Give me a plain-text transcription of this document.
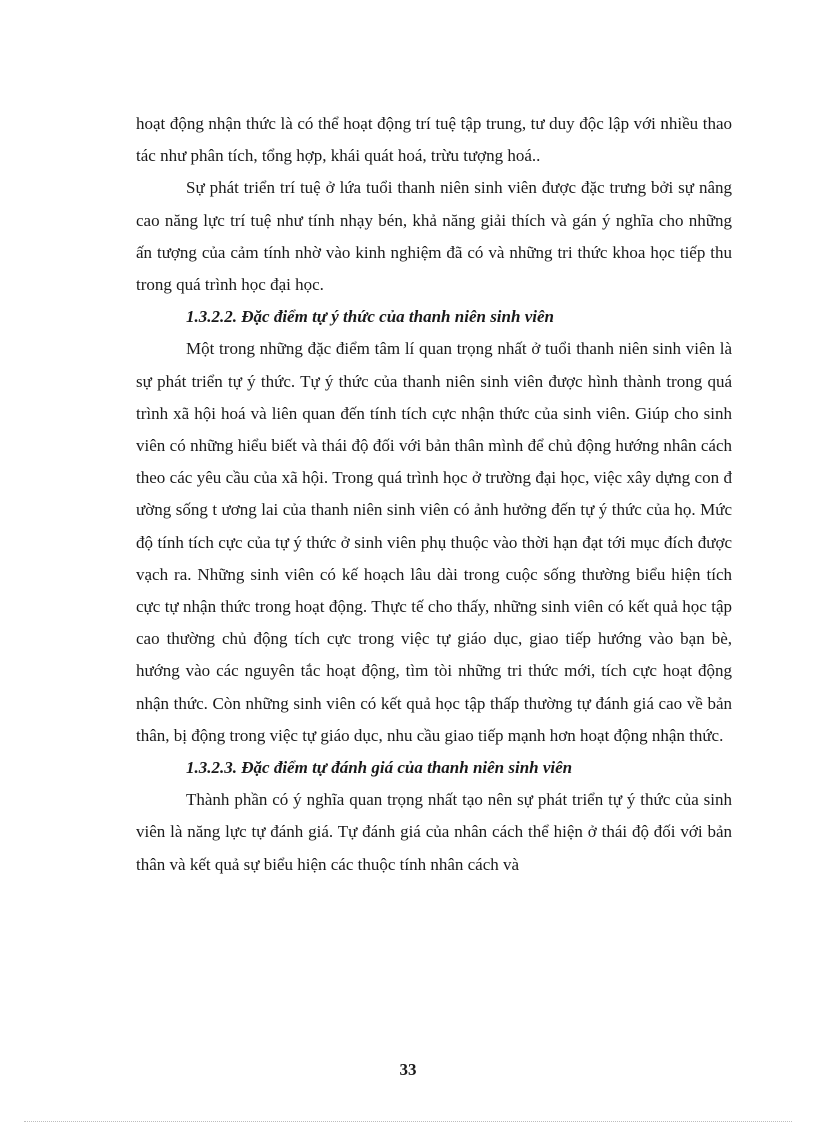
hoạt động nhận thức là có thể hoạt động trí tuệ tập trung, tư duy độc lập với nhiều thao tác như phân tích, tổng hợp, khái quát hoá, trừu tượng hoá..

Sự phát triển trí tuệ ở lứa tuổi thanh niên sinh viên được đặc trưng bởi sự nâng cao năng lực trí tuệ như tính nhạy bén, khả năng giải thích và gán ý nghĩa cho những ấn tượng của cảm tính nhờ vào kinh nghiệm đã có và những tri thức khoa học tiếp thu trong quá trình học đại học.

1.3.2.2. Đặc điểm tự ý thức của thanh niên sinh viên

Một trong những đặc điểm tâm lí quan trọng nhất ở tuổi thanh niên sinh viên là sự phát triển tự ý thức. Tự ý thức của thanh niên sinh viên được hình thành trong quá trình xã hội hoá và liên quan đến tính tích cực nhận thức của sinh viên. Giúp cho sinh viên có những hiểu biết và thái độ đối với bản thân mình để chủ động hướng nhân cách theo các yêu cầu của xã hội. Trong quá trình học ở trường đại học, việc xây dựng con đ ường sống t ương lai của thanh niên sinh viên có ảnh hưởng đến tự ý thức của họ. Mức độ tính tích cực của tự ý thức ở sinh viên phụ thuộc vào thời hạn đạt tới mục đích được vạch ra. Những sinh viên có kế hoạch lâu dài trong cuộc sống thường biểu hiện tích cực tự nhận thức trong hoạt động. Thực tế cho thấy, những sinh viên có kết quả học tập cao thường chủ động tích cực trong việc tự giáo dục, giao tiếp hướng vào bạn bè, hướng vào các nguyên tắc hoạt động, tìm tòi những tri thức mới, tích cực hoạt động nhận thức. Còn những sinh viên có kết quả học tập thấp thường tự đánh giá cao về bản thân, bị động trong việc tự giáo dục, nhu cầu giao tiếp mạnh hơn hoạt động nhận thức.

1.3.2.3. Đặc điểm tự đánh giá của thanh niên sinh viên

Thành phần có ý nghĩa quan trọng nhất tạo nên sự phát triển tự ý thức của sinh viên là năng lực tự đánh giá. Tự đánh giá của nhân cách thể hiện ở thái độ đối với bản thân và kết quả sự biểu hiện các thuộc tính nhân cách và

33
